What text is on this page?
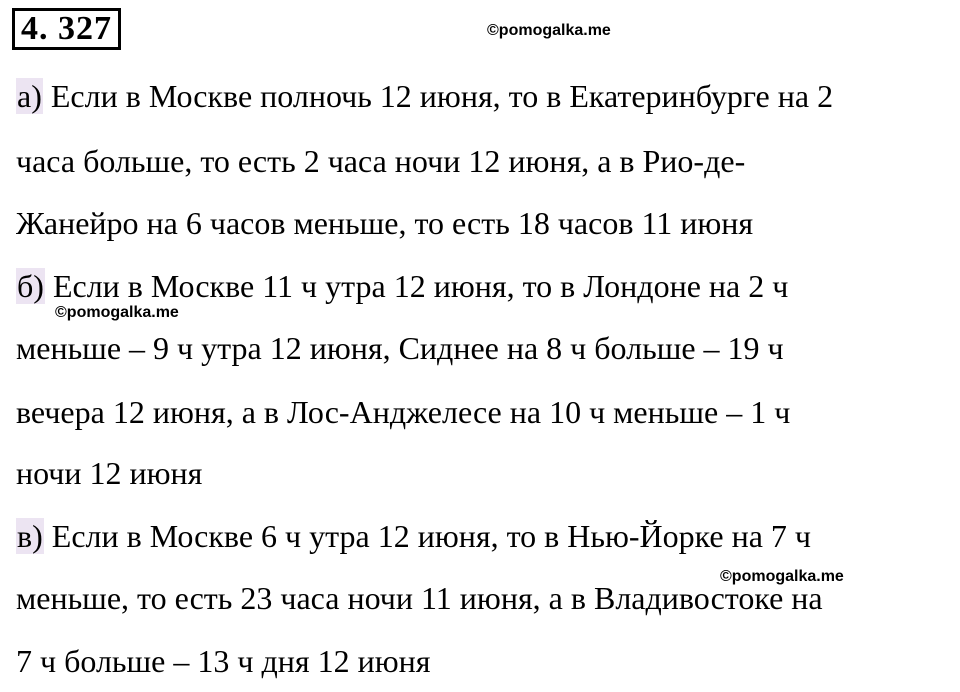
4. 327	©pomogalka.me
а) Если в Москве полночь 12 июня, то в Екатеринбурге на 2
часа больше, то есть 2 часа ночи 12 июня, а в Рио-де-
Жанейро на 6 часов меньше, то есть 18 часов 11 июня
б) Если в Москве 11 ч утра 12 июня, то в Лондоне на 2 ч
©pomogalka.me
меньше – 9 ч утра 12 июня, Сиднее на 8 ч больше – 19 ч
вечера 12 июня, а в Лос-Анджелесе на 10 ч меньше – 1 ч
ночи 12 июня
в) Если в Москве 6 ч утра 12 июня, то в Нью-Йорке на 7 ч
©pomogalka.me
меньше, то есть 23 часа ночи 11 июня, а в Владивостоке на
7 ч больше – 13 ч дня 12 июня
